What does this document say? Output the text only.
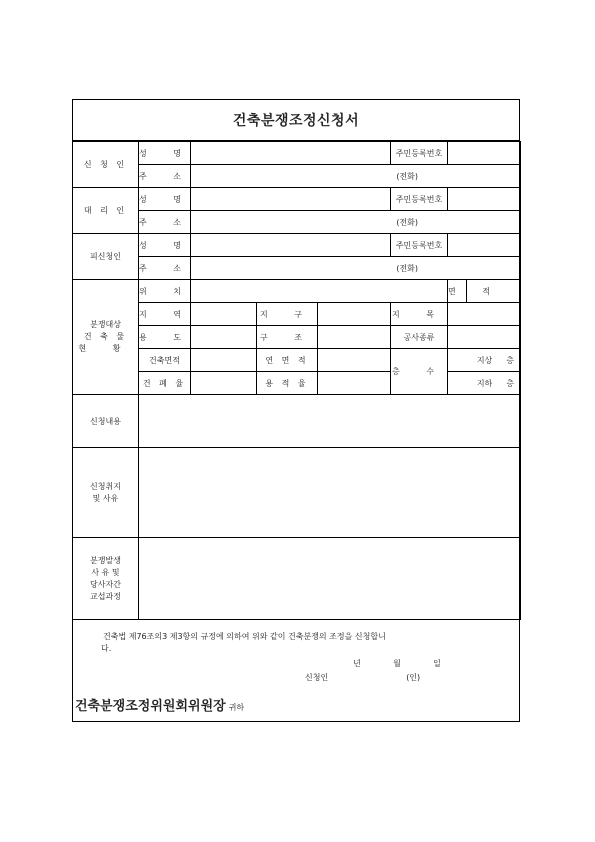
건축분쟁조정신청서
신 청 인	성 명				주민등록번호		
	주 소	(전화)					
대 리 인	성 명				주민등록번호		
	주 소	(전화)					
피신청인	성 명				주민등록번호		
	주 소	(전화)					

분쟁대상
건 축 물
현 황	위 치					면 적	
	지 역		지 구		지 목		
	용 도		구 조		공사종류		
	건축면적		연 면 적		층 수	지상 층	
	건 폐 율		용 적 율			지하 층	
신청내용							

신청취지
및 사유							

분쟁발생
사 유 및
당사자간
교섭과정							

건축법 제76조의3 제3항의 규정에 의하여 위와 같이 건축분쟁의 조정을 신청합니
다.
년	월	일
신청인	(인)
건축분쟁조정위원회위원장 귀하
